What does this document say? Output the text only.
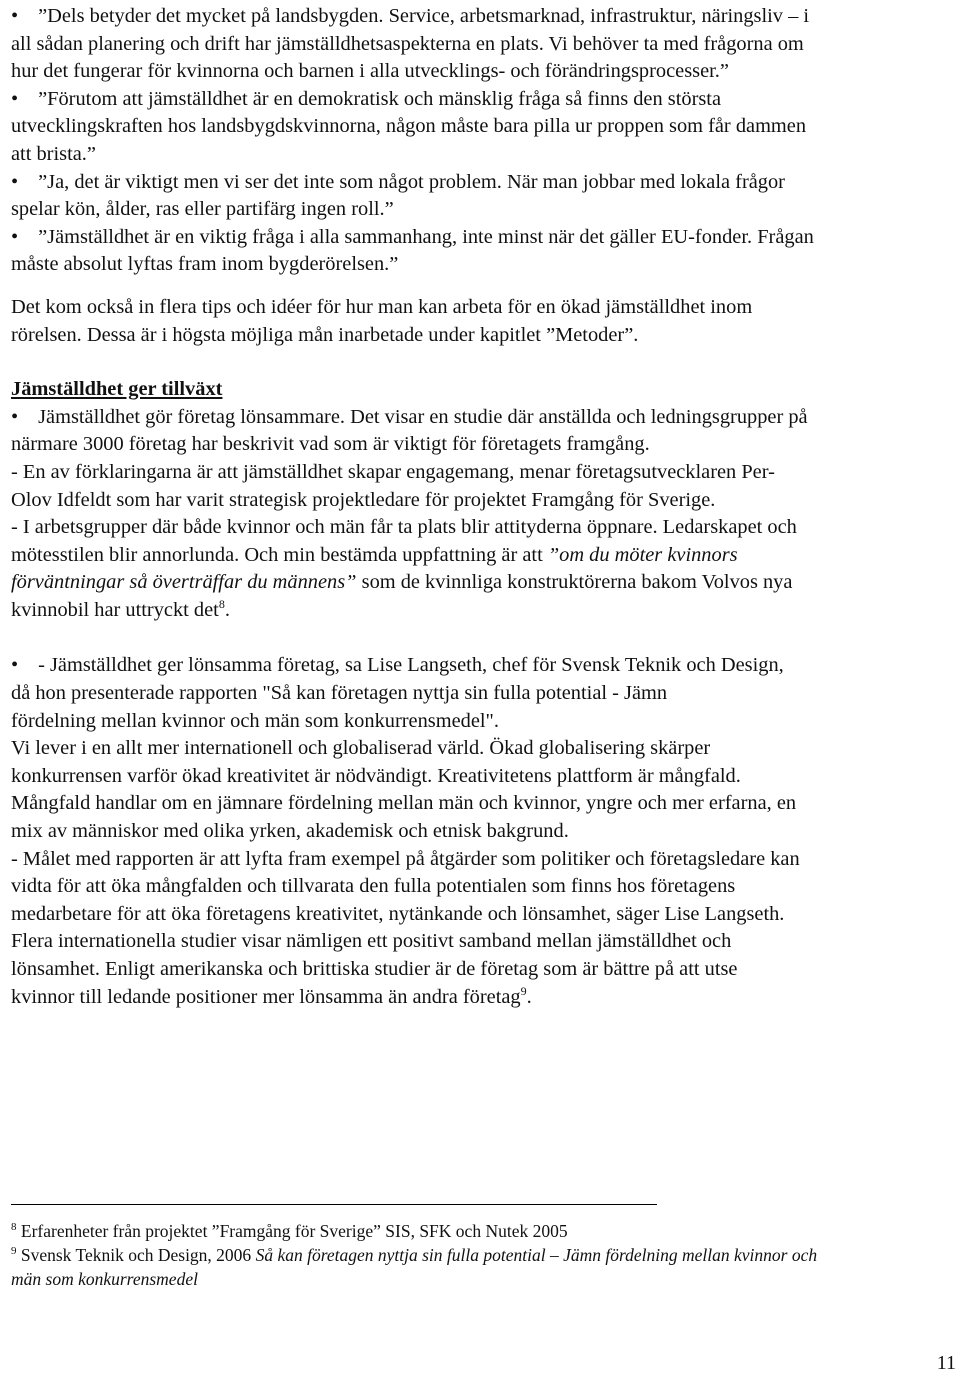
• ”Dels betyder det mycket på landsbygden. Service, arbetsmarknad, infrastruktur, näringsliv – i
all sådan planering och drift har jämställdhetsaspekterna en plats. Vi behöver ta med frågorna om
hur det fungerar för kvinnorna och barnen i alla utvecklings- och förändringsprocesser.”
• ”Förutom att jämställdhet är en demokratisk och mänsklig fråga så finns den största
utvecklingskraften hos landsbygdskvinnorna, någon måste bara pilla ur proppen som får dammen
att brista.”
• ”Ja, det är viktigt men vi ser det inte som något problem. När man jobbar med lokala frågor
spelar kön, ålder, ras eller partifärg ingen roll.”
• ”Jämställdhet är en viktig fråga i alla sammanhang, inte minst när det gäller EU-fonder. Frågan
måste absolut lyftas fram inom bygderörelsen.”
Det kom också in flera tips och idéer för hur man kan arbeta för en ökad jämställdhet inom
rörelsen. Dessa är i högsta möjliga mån inarbetade under kapitlet ”Metoder”.
Jämställdhet ger tillväxt
• Jämställdhet gör företag lönsammare. Det visar en studie där anställda och ledningsgrupper på
närmare 3000 företag har beskrivit vad som är viktigt för företagets framgång.
- En av förklaringarna är att jämställdhet skapar engagemang, menar företagsutvecklaren Per-
Olov Idfeldt som har varit strategisk projektledare för projektet Framgång för Sverige.
- I arbetsgrupper där både kvinnor och män får ta plats blir attityderna öppnare. Ledarskapet och
mötesstilen blir annorlunda. Och min bestämda uppfattning är att ”om du möter kvinnors
förväntningar så överträffar du männens” som de kvinnliga konstruktörerna bakom Volvos nya
kvinnobil har uttryckt $\det^8$.
• - Jämställdhet ger lönsamma företag, sa Lise Langseth, chef för Svensk Teknik och Design,
då hon presenterade rapporten "Så kan företagen nyttja sin fulla potential - Jämn
fördelning mellan kvinnor och män som konkurrensmedel".
Vi lever i en allt mer internationell och globaliserad värld. Ökad globalisering skärper
konkurrensen varför ökad kreativitet är nödvändigt. Kreativitetens plattform är mångfald.
Mångfald handlar om en jämnare fördelning mellan män och kvinnor, yngre och mer erfarna, en
mix av människor med olika yrken, akademisk och etnisk bakgrund.
- Målet med rapporten är att lyfta fram exempel på åtgärder som politiker och företagsledare kan
vidta för att öka mångfalden och tillvarata den fulla potentialen som finns hos företagens
medarbetare för att öka företagens kreativitet, nytänkande och lönsamhet, säger Lise Langseth.
Flera internationella studier visar nämligen ett positivt samband mellan jämställdhet och
lönsamhet. Enligt amerikanska och brittiska studier är de företag som är bättre på att utse
kvinnor till ledande positioner mer lönsamma än andra företag$^9$.

$^8$ Erfarenheter från projektet ”Framgång för Sverige” SIS, SFK och Nutek 2005

$^9$ Svensk Teknik och Design, 2006 Så kan företagen nyttja sin fulla potential – Jämn fördelning mellan kvinnor och
män som konkurrensmedel

11
